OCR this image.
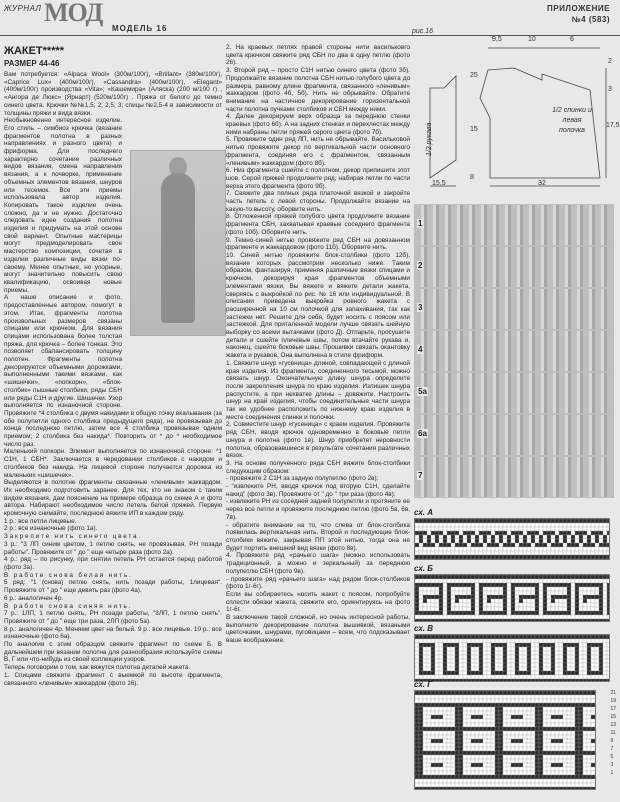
ЖУРНАЛ МОД
МОДЕЛЬ 16
ПРИЛОЖЕНИЕ
№4 (583)
ЖАКЕТ*****
РАЗМЕР 44-46

Вам потребуется: «Alpaca Wool» (300м/100г), «Brillant» (380м/100г), «Caprice Lux» (400м/100г), «Cassandra» (400м/100г), «Elegant» (400м/100г) производства «Vita»; «Кашемира» (Аляска) (200 м/100 г) , «Ангора де Люкс» (Ярнарт) (520м/100г) . Пряжа от белого до темно синего цвета. Крючки №№1,5; 2; 2,5; 3; спицы №2,5-4 в зависимости от толщины пряжи и вида вязки.

Необыкновенно интересное изделие. Его стиль – симбиоз крючка (вязание фрагментов полотна в разных направлениях и разного цвета) и фриформа. Для последнего характерно сочетание различных видов вязания, смена направления вязания, а к почворке, применение объемных элементов вязания, шнуров или тесемок. Все эти приемы использовала автор изделия. Копировать такое изделие очень сложно, да и не нужно. Достаточно следовать идее создания полотна изделия и придумать на этой основе свой вариант. Опытные мастерицы могут предмоделировать свое мастерство композиции, сочетая в изделии различные виды вязки по-своему. Менее опытные, но упорные, могут значительно повысить свою квалификацию, освоивая новые приемы.

А наше описание и фото, предоставленные автором, помогут в этом. Итак, фрагменты полотна произвольных размеров связаны спицами или крючком. Для вязания спицами использована более толстая пряжа, для крючка – более тонкая. Это позволяет сбалансировать толщину полотен. Фрагменты полотна декорируются объемными дорожками, выполненными такими вязками, как «шишечки», «попкорн», «блок-столбик» пышные столбики, ряды СБН или ряды С1Н и другие. Шишечки. Узор выполняется по изнаночной стороне. Провяжите *4 столбика с двумя накидами в общую точку вкалывания (за обе полупетли одного столбика предыдущего ряда), не провязывая до конца последнюю петлю, затем все 4 столбика провязывая одним приемом; 2 столбика без накида*. Повторить от * до * необходимое число раз.

Маленький попкорн. Элемент выполняется по изнаночной стороне: *1 С1Н, 1 СБН*. Заключается в чередовании столбиков с накидом и столбиков без накида. На лицевой стороне получается дорожка из маленьких «шишечек».

Выделяются в полотне фрагменты связанные «ленивым» жаккардом. Их необходимо подготовить заранее. Для тех, кто не знаком с таким видом вязания, дам пояснение на примере образца по схеме А и фото автора. Набирают необходимое число петель белой пряжей. Первую кромочную снимайте, последнюю вяжите ИП в каждом ряду.

1 р.: все петли лицевые.

2 р.: все изнаночные (фото 1а).

Закрепите нить синего цвета.

3 р.: "3 ЛП синим цветом, 1 петлю снять, не провязывая, РН позади работы". Провяжите от " до " еще четыре раза (фото 2а).

4 р.: ряд – по рисунку, при снятии петель РН остается перед работой (фото 3а).

В работе снова белая нить.

5 ряд: "1 (снова) петлю снять, нить позади работы, 1лицевая". Провяжите от " до " еще девять раз (фото 4а).

6 р.: аналогичен 4р.

В работе снова синяя нить.

7 р.: 1ЛП, 1 петлю снять, РН позади работы, "3ЛП, 1 петлю снять". Провяжите от " до " еще три раза, 2ЛП (фото 5а).

8 р.: аналогичен 4р. Меняем цвет на белый. 9 р.: все лицевые. 10 р.: все изнаночные (фото 6а).

По аналогии с этим образцом свяжите фрагмент по схеме Б. В дальнейшем при вязании полотна для разнообразия используйте схемы В, Г или что-нибудь из своей коллекции узоров.

Теперь поговорим о том, как вяжутся полотна деталей жакета.

1. Спицами свяжите фрагмент с выемкой по высоте фрагмента, связанного «ленивым» жаккардом (фото 16).

2. На краевых петлях правой стороны нити васильковго цвета крючком свяжите ряд СБН по два в одну петлю (фото 26).

3. Второй ряд – просто С1Н нитью синего цвета (фото 3б). Продолжайте вязание полотна СБН нитью голубого цвета до размера, равному длине фрагмента, связанного «ленивым» жаккардом (фото 4б, 5б). Нить не обрывайте. Обратите внимание на частичное декорирование горизонтальной части полотна пучками столбиков и СБН между ними.

4. Далее декорируем верх образца за переднюю стенки краевых (фото 6б). А на задних стенках и перехлестах между ними набраны петли пряжей серого цвета (фото 7б).

5. Провяжите один ряд ЛП, нить не обрывайте. Васильковой нитью провяжите декор по вертикальной части основного фрагмента, соединяя его с фрагментом, связанным «ленивым» жаккардом (фото 8б).

6. Низ фрагмента сшейте с полотном, декор припишите этот шов. Серой пряжей продолжите ряд, набирая петли по части верха этого фрагмента (фото 9б).

7. Свяжите два полных ряда платочной вязкой и закройте часть петель с левой стороны. Продолжайте вязание на какую-то высоту, оборвите нить.

8. Отложенной пряжей голубого цвета продолжите вязание фрагмента СБН, захватывая краевые соседнего фрагмента (фото 10б). Оборвите нить.

9. Темно-синей нитью провяжите ряд СБН на довязанном фрагменте и жаккардовом (фото 11б). Оборвите нить.

10. Синей нитью провяжите блок-столбики (фото 12б), вязание которых рассмотрим несколько ниже. Таким образом, фантазируя, применяя различные вязки спицами и крючком, декорируя края фрагментов объемными элементами вязки, Вы вяжете и вяжете детали жакета, сверяясь с выкройкой по рис. № 16 или индивидуальной. В описании приведена выкройка ровного жакета с расширенной на 10 см полочкой для запахивания, так как застежки нет. Решите для себя, будет носить с поясом или застежкой. Для приталенной модели лучше связать шейную выборку со всеми вытачками (фото Д). Отпарьте, просушите детали и сшейте плечевые швы, потом втачайте рукава и, наконец, сшейте боковые швы. Прошивки связать окантовку жакета и рукавов. Она выполнена в стиле фриформ.

1. Свяжите шнур «гусеница» длиной, совпадающей с длиной края изделия. Из фрагмента, соединенного тесьмой, можно связать шнур. Окончательную длину шнура определите после закрепления шнура по краю изделия. Излишек шнура распустите, а при нехватке длины – довяжите. Настроить шнур на край изделия, чтобы соединительные части шнура так же удобнее расположить по нижнему краю изделия в месте соединения спинки и полочки.

2. Совместите шнур «гусеница» с краем изделия. Провяжите ряд СБН, вводя крючок одновременно в боковые петли шнура и полотна (фото 1в). Шнур приобретет неровности полотна, образовавшиеся в результате сочетания различных вязок.

3. На основе полученного ряда СБН вяжите блок-столбики следующим образом:

- провяжите 2 С1Н за задную полупетлю (фото 2в);

- "извлеките РН, вводя крючок под вторую С1Н, сделайте накид" (фото 3в). Провяжите от " до " три раза (фото 4в);

- извлеките РН из соседней задней полупетли и протяните ее через все петли и провяжите последнюю петлю (фото 5в, 6в, 7в).

- обратите внимание на то, что слева от блок-столбика появилась вертикальная нить. Второй и последующие блок-столбики вяжите, закрывая ПП этой нитью, тогда она не будет портить внешний вид вязки (фото 8в).

4. Провяжите ряд «рачьего шага» (можно использовать традиционный, а можно и зеркальный) за переднюю полупетлю СБН (фото 9в).

- провяжите ряд «рачьего шага» над рядом блок-столбиков (фото 1г-6г).

Если вы собираетесь носить жакет с поясом, попробуйте сплести обязки жакета, свяжите его, ориентируясь на фото 1г-6г.

В заключение такой сложной, но очень интересной работы, выполните декорирование полотна вышивкой, вязаными цветочками, шнурами, пуговицами – всем, что подсказывает ваше воображение.

рис.16
9,5	10	6
2
25
3
15
17,5
8
15,5	32
1/2 рукава
1/2 спинки и левая полочка
1
2
3
4
5а
6а
7
сх. А
сх. Б
сх. В
сх. Г
21
19
17
15
13
11
9
7
5
3
1
